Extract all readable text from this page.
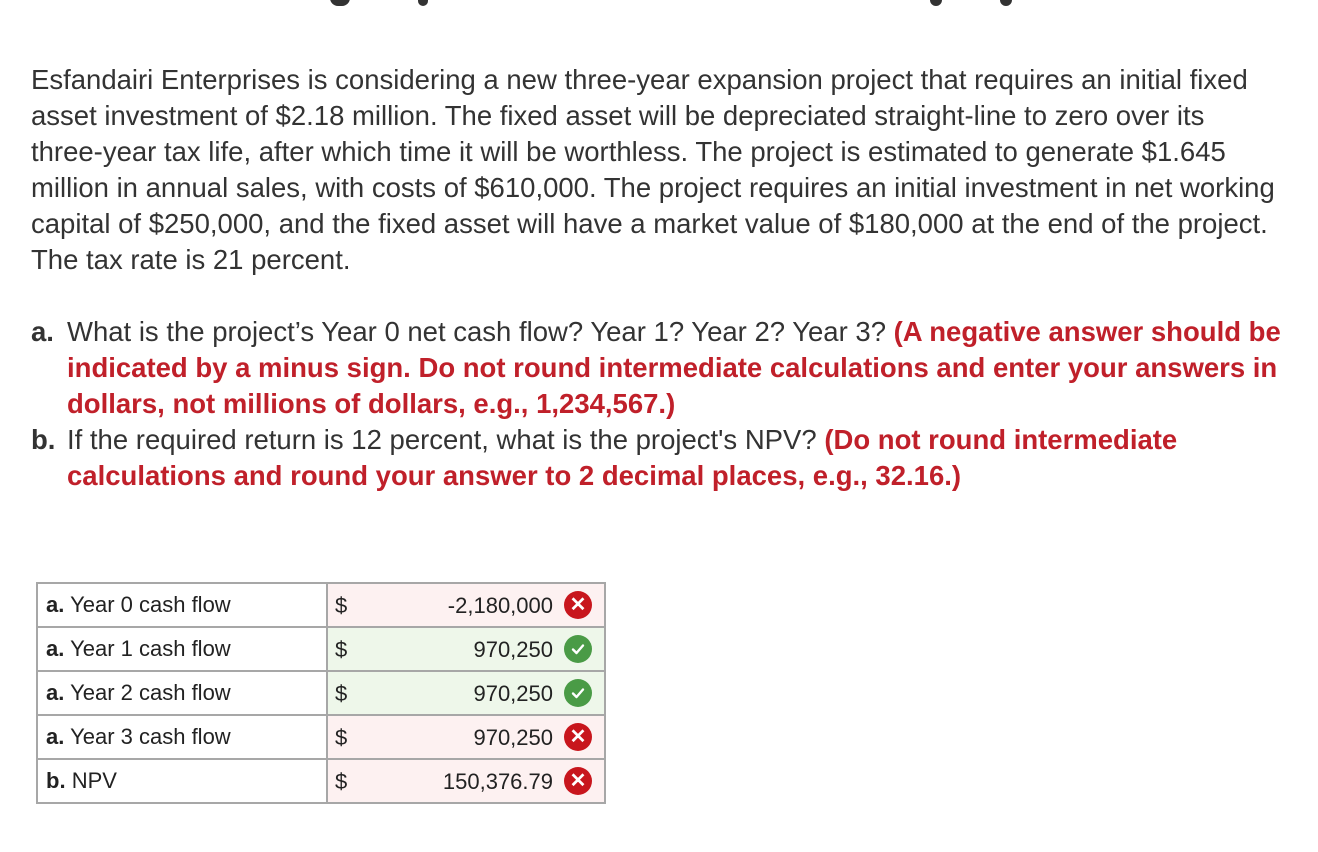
Esfandairi Enterprises is considering a new three-year expansion project that requires an initial fixed asset investment of $2.18 million. The fixed asset will be depreciated straight-line to zero over its three-year tax life, after which time it will be worthless. The project is estimated to generate $1.645 million in annual sales, with costs of $610,000. The project requires an initial investment in net working capital of $250,000, and the fixed asset will have a market value of $180,000 at the end of the project. The tax rate is 21 percent.

a. What is the project’s Year 0 net cash flow? Year 1? Year 2? Year 3? (A negative answer should be indicated by a minus sign. Do not round intermediate calculations and enter your answers in dollars, not millions of dollars, e.g., 1,234,567.)
b. If the required return is 12 percent, what is the project's NPV? (Do not round intermediate calculations and round your answer to 2 decimal places, e.g., 32.16.)
a. Year 0 cash flow	$ -2,180,000 ✕

a. Year 1 cash flow	$ 970,250

a. Year 2 cash flow	$ 970,250

a. Year 3 cash flow	$ 970,250 ✕

b. NPV	$ 150,376.79 ✕
